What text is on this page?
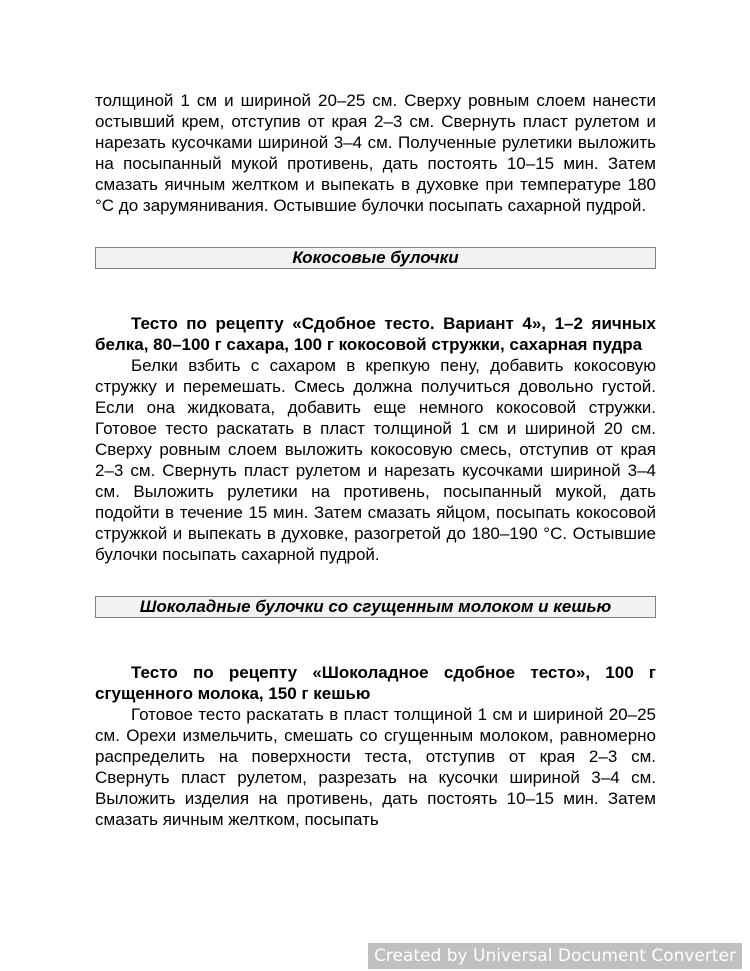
толщиной 1 см и шириной 20–25 см. Сверху ровным слоем нанести остывший крем, отступив от края 2–3 см. Свернуть пласт рулетом и нарезать кусочками шириной 3–4 см. Полученные рулетики выложить на посыпанный мукой противень, дать постоять 10–15 мин. Затем смазать яичным желтком и выпекать в духовке при температуре 180 °С до зарумянивания. Остывшие булочки посыпать сахарной пудрой.

Кокосовые булочки

Тесто по рецепту «Сдобное тесто. Вариант 4», 1–2 яичных белка, 80–100 г сахара, 100 г кокосовой стружки, сахарная пудра

Белки взбить с сахаром в крепкую пену, добавить кокосовую стружку и перемешать. Смесь должна получиться довольно густой. Если она жидковата, добавить еще немного кокосовой стружки. Готовое тесто раскатать в пласт толщиной 1 см и шириной 20 см. Сверху ровным слоем выложить кокосовую смесь, отступив от края 2–3 см. Свернуть пласт рулетом и нарезать кусочками шириной 3–4 см. Выложить рулетики на противень, посыпанный мукой, дать подойти в течение 15 мин. Затем смазать яйцом, посыпать кокосовой стружкой и выпекать в духовке, разогретой до 180–190 °С. Остывшие булочки посыпать сахарной пудрой.

Шоколадные булочки со сгущенным молоком и кешью

Тесто по рецепту «Шоколадное сдобное тесто», 100 г сгущенного молока, 150 г кешью

Готовое тесто раскатать в пласт толщиной 1 см и шириной 20–25 см. Орехи измельчить, смешать со сгущенным молоком, равномерно распределить на поверхности теста, отступив от края 2–3 см. Свернуть пласт рулетом, разрезать на кусочки шириной 3–4 см. Выложить изделия на противень, дать постоять 10–15 мин. Затем смазать яичным желтком, посыпать

Created by Universal Document Converter
